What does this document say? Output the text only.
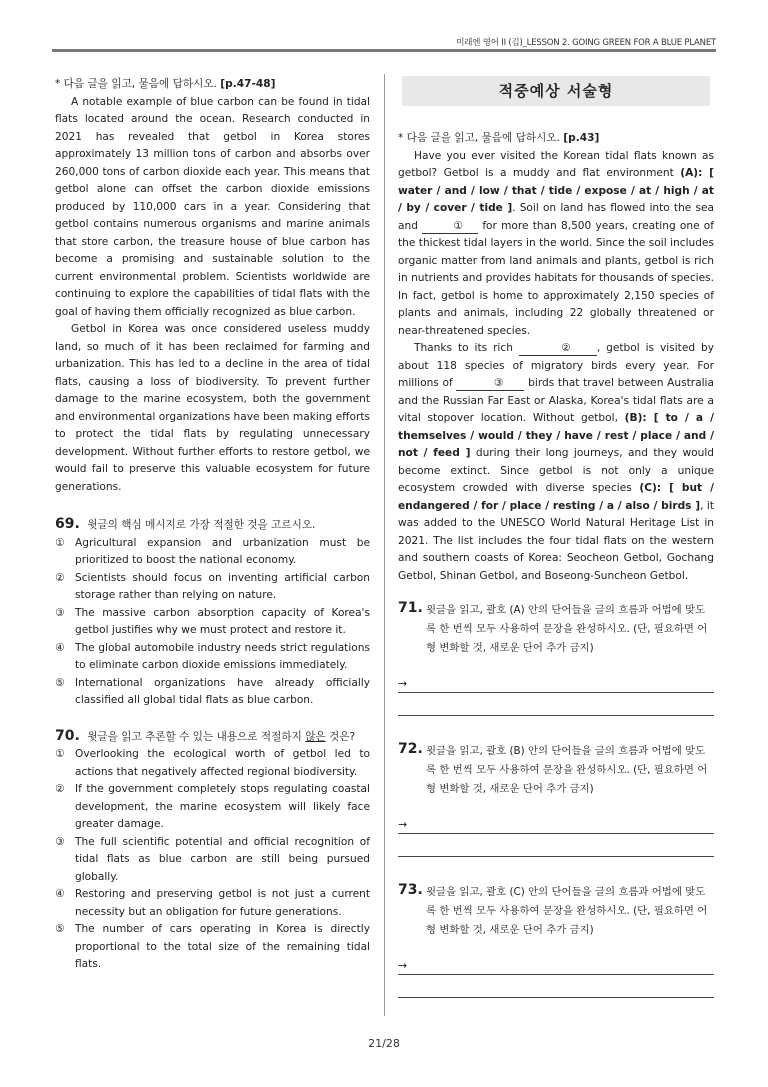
미래엔 영어 II (김)_LESSON 2. GOING GREEN FOR A BLUE PLANET
* 다음 글을 읽고, 물음에 답하시오. [p.47-48]

A notable example of blue carbon can be found in tidal flats located around the ocean. Research conducted in 2021 has revealed that getbol in Korea stores approximately 13 million tons of carbon and absorbs over 260,000 tons of carbon dioxide each year. This means that getbol alone can offset the carbon dioxide emissions produced by 110,000 cars in a year. Considering that getbol contains numerous organisms and marine animals that store carbon, the treasure house of blue carbon has become a promising and sustainable solution to the current environmental problem. Scientists worldwide are continuing to explore the capabilities of tidal flats with the goal of having them officially recognized as blue carbon.

Getbol in Korea was once considered useless muddy land, so much of it has been reclaimed for farming and urbanization. This has led to a decline in the area of tidal flats, causing a loss of biodiversity. To prevent further damage to the marine ecosystem, both the government and environmental organizations have been making efforts to protect the tidal flats by regulating unnecessary development. Without further efforts to restore getbol, we would fail to preserve this valuable ecosystem for future generations.

69. 윗글의 핵심 메시지로 가장 적절한 것을 고르시오.
① Agricultural expansion and urbanization must be prioritized to boost the national economy.
② Scientists should focus on inventing artificial carbon storage rather than relying on nature.
③ The massive carbon absorption capacity of Korea's getbol justifies why we must protect and restore it.
④ The global automobile industry needs strict regulations to eliminate carbon dioxide emissions immediately.
⑤ International organizations have already officially classified all global tidal flats as blue carbon.
70. 윗글을 읽고 추론할 수 있는 내용으로 적절하지 않은 것은?
① Overlooking the ecological worth of getbol led to actions that negatively affected regional biodiversity.
② If the government completely stops regulating coastal development, the marine ecosystem will likely face greater damage.
③ The full scientific potential and official recognition of tidal flats as blue carbon are still being pursued globally.
④ Restoring and preserving getbol is not just a current necessity but an obligation for future generations.
⑤ The number of cars operating in Korea is directly proportional to the total size of the remaining tidal flats.
적중예상 서술형
* 다음 글을 읽고, 물음에 답하시오. [p.43]

Have you ever visited the Korean tidal flats known as getbol? Getbol is a muddy and flat environment (A): [ water / and / low / that / tide / expose / at / high / at / by / cover / tide ]. Soil on land has flowed into the sea and	① for more than 8,500 years, creating one of the thickest tidal layers in the world. Since the soil includes organic matter from land animals and plants, getbol is rich in nutrients and provides habitats for thousands of species. In fact, getbol is home to approximately 2,150 species of plants and animals, including 22 globally threatened or near-threatened species.

Thanks to its rich	② , getbol is visited by about 118 species of migratory birds every year. For millions of	③ birds that travel between Australia and the Russian Far East or Alaska, Korea's tidal flats are a vital stopover location. Without getbol, (B): [ to / a / themselves / would / they / have / rest / place / and / not / feed ] during their long journeys, and they would become extinct. Since getbol is not only a unique ecosystem crowded with diverse species (C): [ but / endangered / for / place / resting / a / also / birds ], it was added to the UNESCO World Natural Heritage List in 2021. The list includes the four tidal flats on the western and southern coasts of Korea: Seocheon Getbol, Gochang Getbol, Shinan Getbol, and Boseong-Suncheon Getbol.

71. 윗글을 읽고, 괄호 (A) 안의 단어들을 글의 흐름과 어법에 맞도록 한 번씩 모두 사용하여 문장을 완성하시오. (단, 필요하면 어형 변화할 것, 새로운 단어 추가 금지)
→
72. 윗글을 읽고, 괄호 (B) 안의 단어들을 글의 흐름과 어법에 맞도록 한 번씩 모두 사용하여 문장을 완성하시오. (단, 필요하면 어형 변화할 것, 새로운 단어 추가 금지)
→
73. 윗글을 읽고, 괄호 (C) 안의 단어들을 글의 흐름과 어법에 맞도록 한 번씩 모두 사용하여 문장을 완성하시오. (단, 필요하면 어형 변화할 것, 새로운 단어 추가 금지)
→
21/28
